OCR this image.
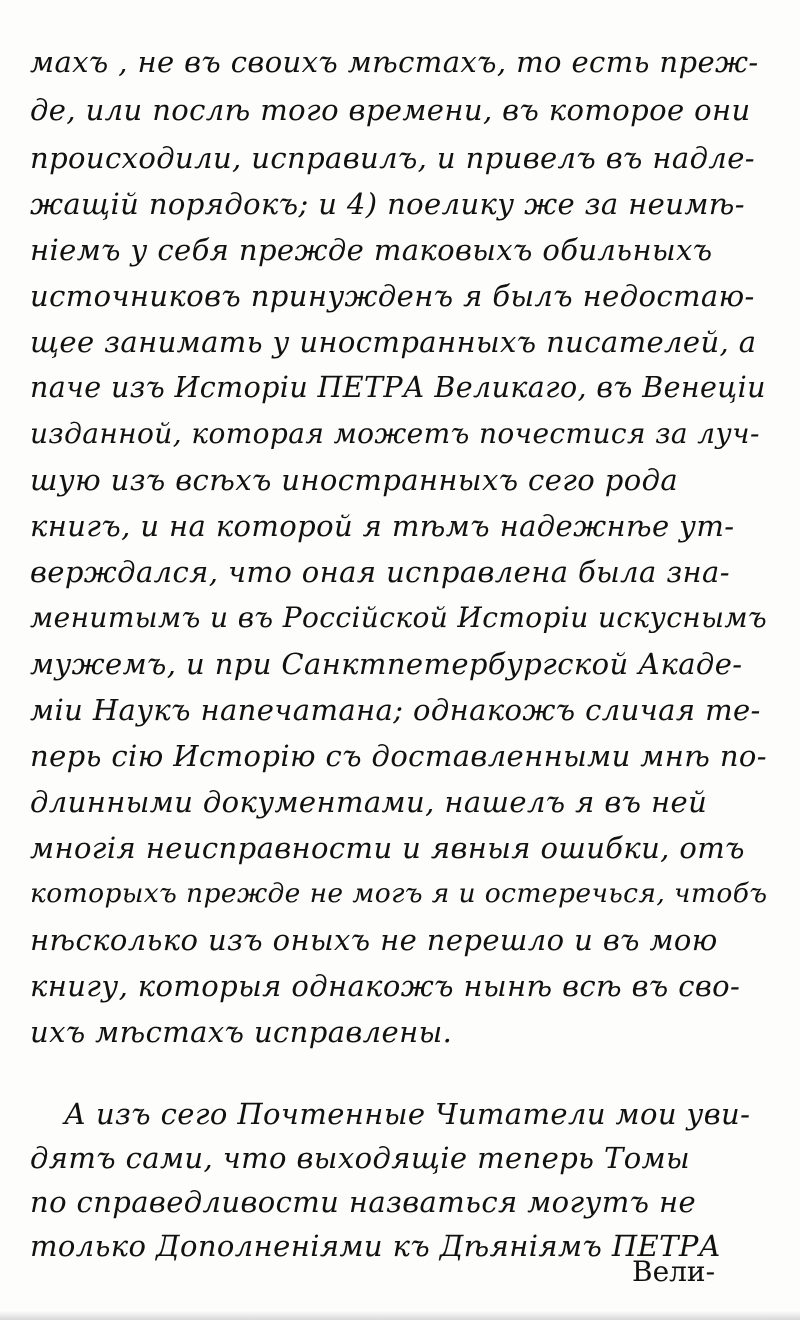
махъ , не въ своихъ мѣстахъ, то есть преж-
де, или послѣ того времени, въ которое они
происходили, исправилъ, и привелъ въ надле-
жащій порядокъ; и 4) поелику же за неимѣ-
ніемъ у себя прежде таковыхъ обильныхъ
источниковъ принужденъ я былъ недостаю-
щее занимать у иностранныхъ писателей, а
паче изъ Исторіи ПЕТРА Великаго, въ Венеціи
изданной, которая можетъ почестися за луч-
шую изъ всѣхъ иностранныхъ сего рода
книгъ, и на которой я тѣмъ надежнѣе ут-
верждался, что оная исправлена была зна-
менитымъ и въ Россійской Исторіи искуснымъ
мужемъ, и при Санктпетербургской Акаде-
міи Наукъ напечатана; однакожъ сличая те-
перь сію Исторію съ доставленными мнѣ по-
длинными документами, нашелъ я въ ней
многія неисправности и явныя ошибки, отъ
которыхъ прежде не могъ я и остеречься, чтобъ
нѣсколько изъ оныхъ не перешло и въ мою
книгу, которыя однакожъ нынѣ всѣ въ сво-
ихъ мѣстахъ исправлены.
А изъ сего Почтенные Читатели мои уви-
дятъ сами, что выходящіе теперь Томы
по справедливости назваться могутъ не
только Дополненіями къ Дѣяніямъ ПЕТРА
Вели-
